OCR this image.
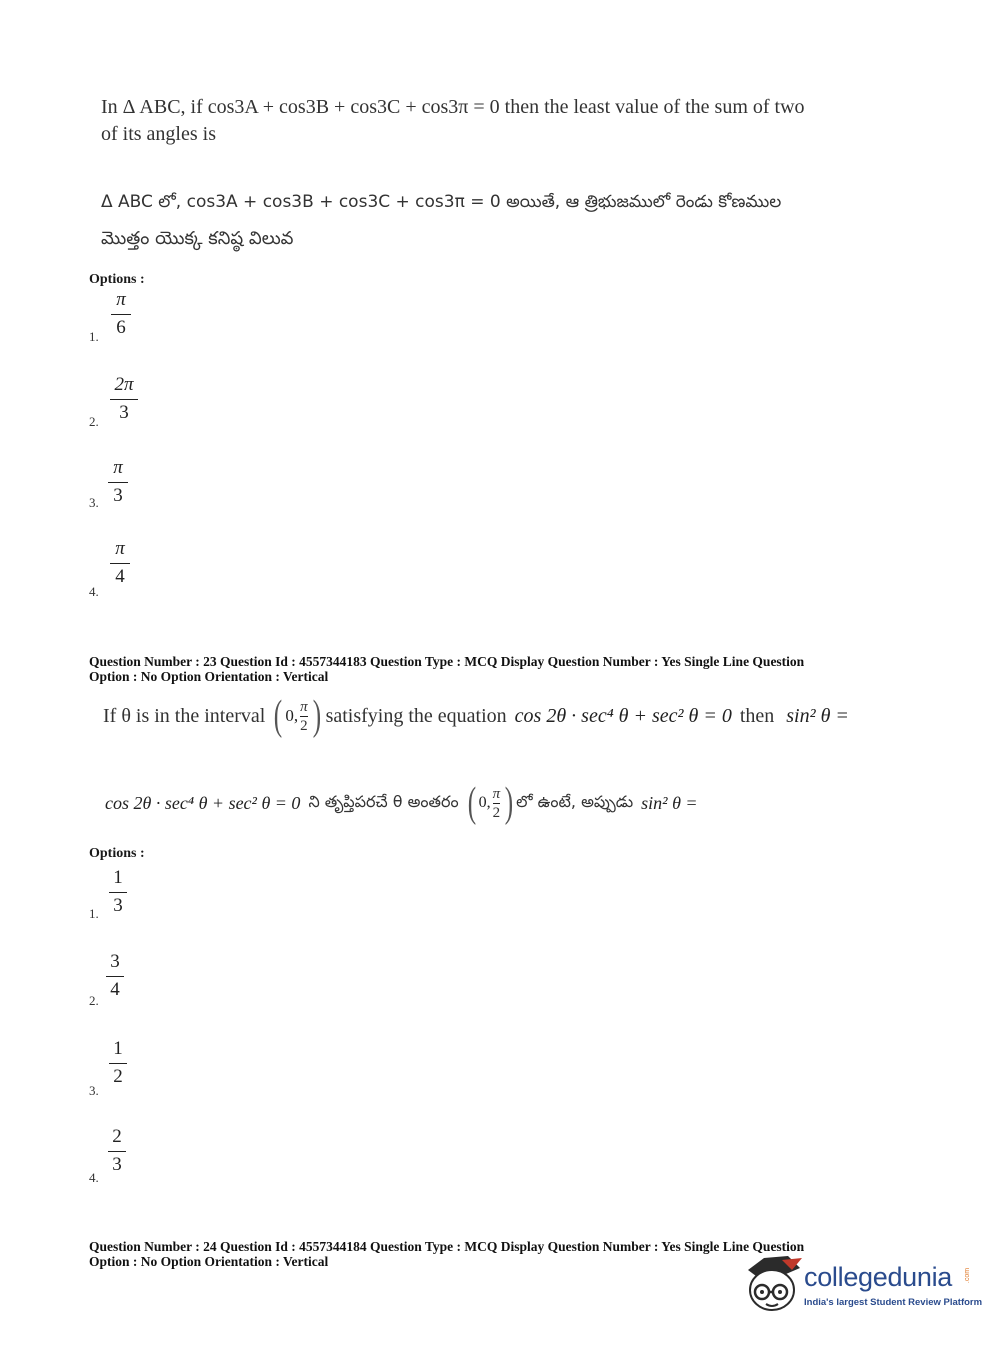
In Δ ABC, if cos3A + cos3B + cos3C + cos3π = 0 then the least value of the sum of two
of its angles is
Δ ABC లో, cos3A + cos3B + cos3C + cos3π = 0 అయితే, ఆ త్రిభుజములో రెండు కోణముల
మొత్తం యొక్క కనిష్ఠ విలువ
Options :
1.
π
6
2.
2π
3
3.
π
3
4.
π
4
Question Number : 23 Question Id : 4557344183 Question Type : MCQ Display Question Number : Yes Single Line Question
Option : No Option Orientation : Vertical
If θ is in the interval ( 0, $\frac{\pi}{2}$ ) satisfying the equation cos 2θ · sec⁴ θ + sec² θ = 0 then sin² θ =
cos 2θ · sec⁴ θ + sec² θ = 0 ని తృప్తిపరచే θ అంతరం ( 0, $\frac{\pi}{2}$ ) లో ఉంటే, అప్పుడు sin² θ =
Options :
1.
1
3
2.
3
4
3.
1
2
4.
2
3
Question Number : 24 Question Id : 4557344184 Question Type : MCQ Display Question Number : Yes Single Line Question
Option : No Option Orientation : Vertical
collegedunia
India's largest Student Review Platform
.com
